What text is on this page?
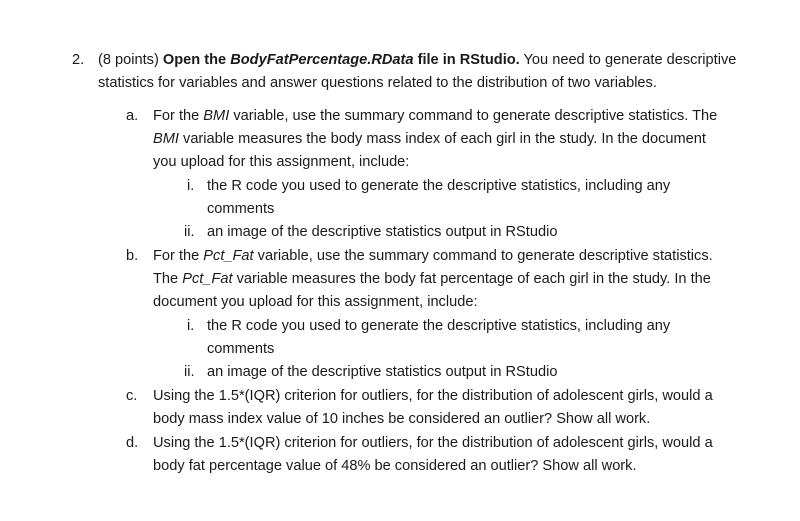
2. (8 points) Open the BodyFatPercentage.RData file in RStudio. You need to generate descriptive
statistics for variables and answer questions related to the distribution of two variables.
a. For the BMI variable, use the summary command to generate descriptive statistics. The
BMI variable measures the body mass index of each girl in the study. In the document
you upload for this assignment, include:
i. the R code you used to generate the descriptive statistics, including any
comments
ii. an image of the descriptive statistics output in RStudio
b. For the Pct_Fat variable, use the summary command to generate descriptive statistics.
The Pct_Fat variable measures the body fat percentage of each girl in the study. In the
document you upload for this assignment, include:
i. the R code you used to generate the descriptive statistics, including any
comments
ii. an image of the descriptive statistics output in RStudio
c. Using the 1.5*(IQR) criterion for outliers, for the distribution of adolescent girls, would a
body mass index value of 10 inches be considered an outlier? Show all work.
d. Using the 1.5*(IQR) criterion for outliers, for the distribution of adolescent girls, would a
body fat percentage value of 48% be considered an outlier? Show all work.
